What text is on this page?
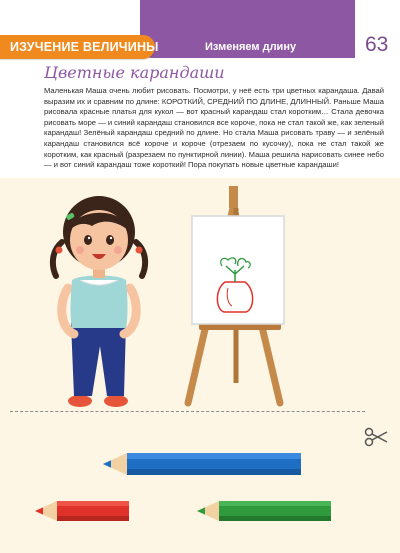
ИЗУЧЕНИЕ ВЕЛИЧИНЫ	Изменяем длину	63
Цветные карандаши

Маленькая Маша очень любит рисовать. Посмотри, у неё есть три цветных карандаша. Давай выразим их и сравним по длине: КОРОТКИЙ, СРЕДНИЙ ПО ДЛИНЕ, ДЛИННЫЙ. Раньше Маша рисовала красные платья для кукол — вот красный карандаш стал коротким… Стала девочка рисовать море — и синий карандаш становился все короче, пока не стал такой же, как зеленый карандаш! Зелёный карандаш средний по длине. Но стала Маша рисовать траву — и зелёный карандаш становился всё короче и короче (отрезаем по кусочку), пока не стал такой же коротким, как красный (разрезаем по пунктирной линии). Маша решила нарисовать синее небо — и вот синий карандаш тоже короткий! Пора покупать новые цветные карандаши!
